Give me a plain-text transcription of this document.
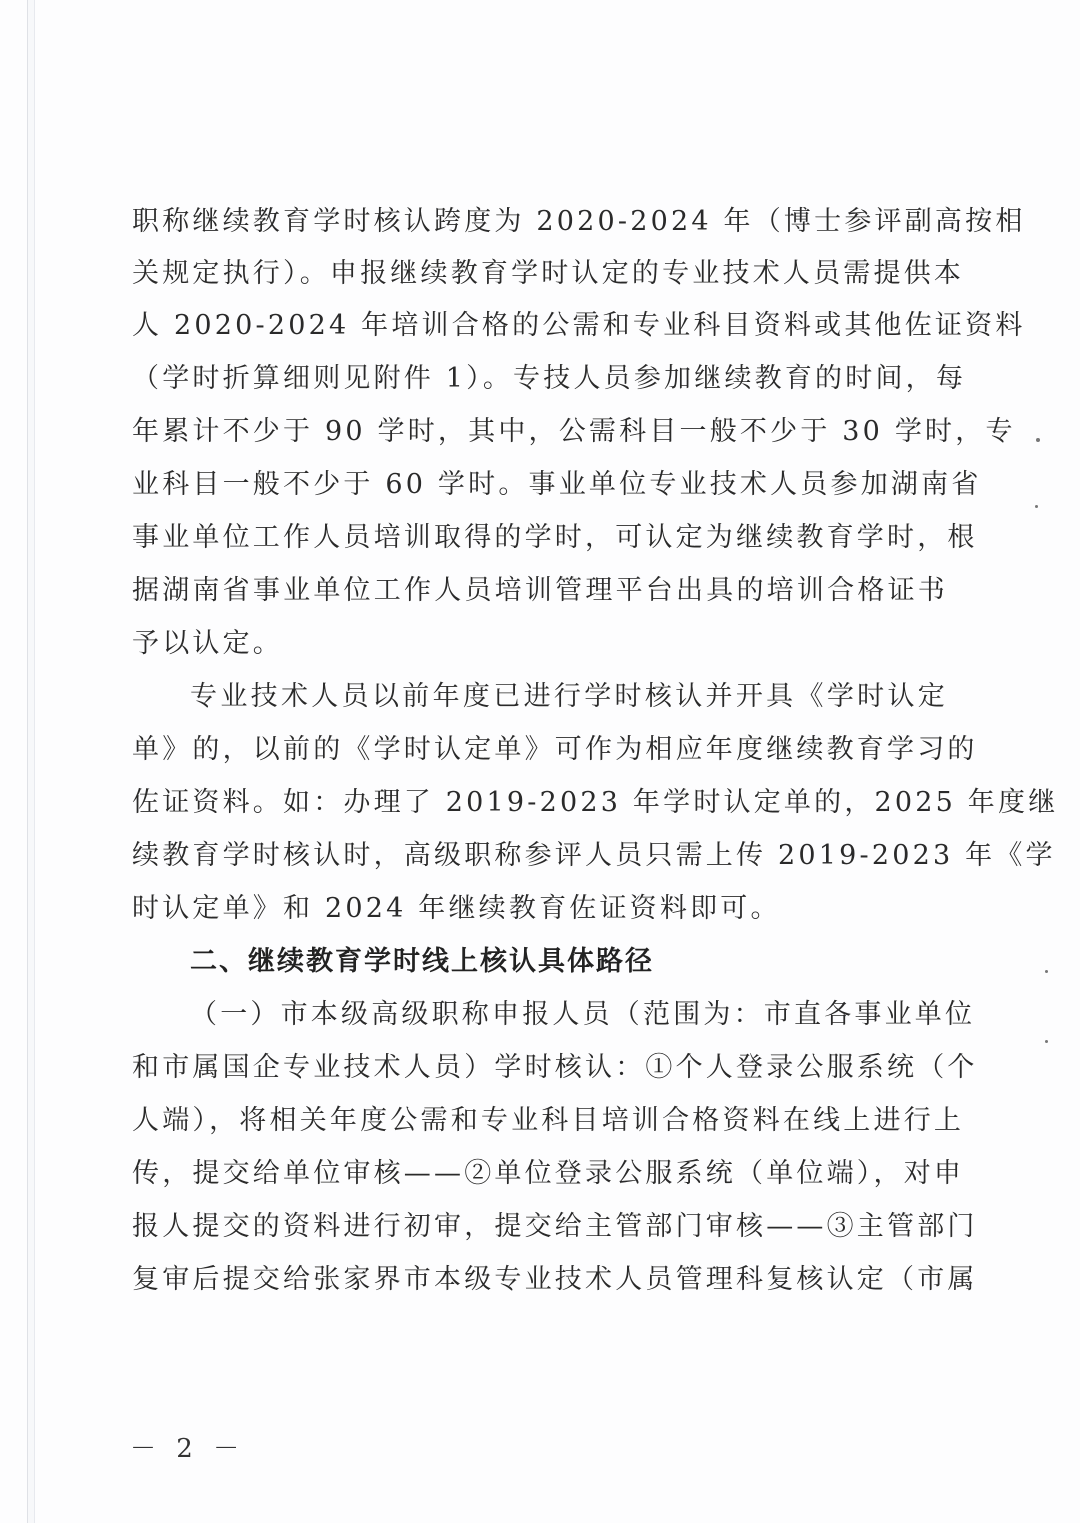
职称继续教育学时核认跨度为 2020-2024 年（博士参评副高按相
关规定执行）。申报继续教育学时认定的专业技术人员需提供本
人 2020-2024 年培训合格的公需和专业科目资料或其他佐证资料
（学时折算细则见附件 1）。专技人员参加继续教育的时间，每
年累计不少于 90 学时，其中，公需科目一般不少于 30 学时，专
业科目一般不少于 60 学时。事业单位专业技术人员参加湖南省
事业单位工作人员培训取得的学时，可认定为继续教育学时，根
据湖南省事业单位工作人员培训管理平台出具的培训合格证书
予以认定。
专业技术人员以前年度已进行学时核认并开具《学时认定
单》的，以前的《学时认定单》可作为相应年度继续教育学习的
佐证资料。如：办理了 2019-2023 年学时认定单的，2025 年度继
续教育学时核认时，高级职称参评人员只需上传 2019-2023 年《学
时认定单》和 2024 年继续教育佐证资料即可。
二、继续教育学时线上核认具体路径
（一）市本级高级职称申报人员（范围为：市直各事业单位
和市属国企专业技术人员）学时核认：①个人登录公服系统（个
人端），将相关年度公需和专业科目培训合格资料在线上进行上
传，提交给单位审核——②单位登录公服系统（单位端），对申
报人提交的资料进行初审，提交给主管部门审核——③主管部门
复审后提交给张家界市本级专业技术人员管理科复核认定（市属
－ 2 －
